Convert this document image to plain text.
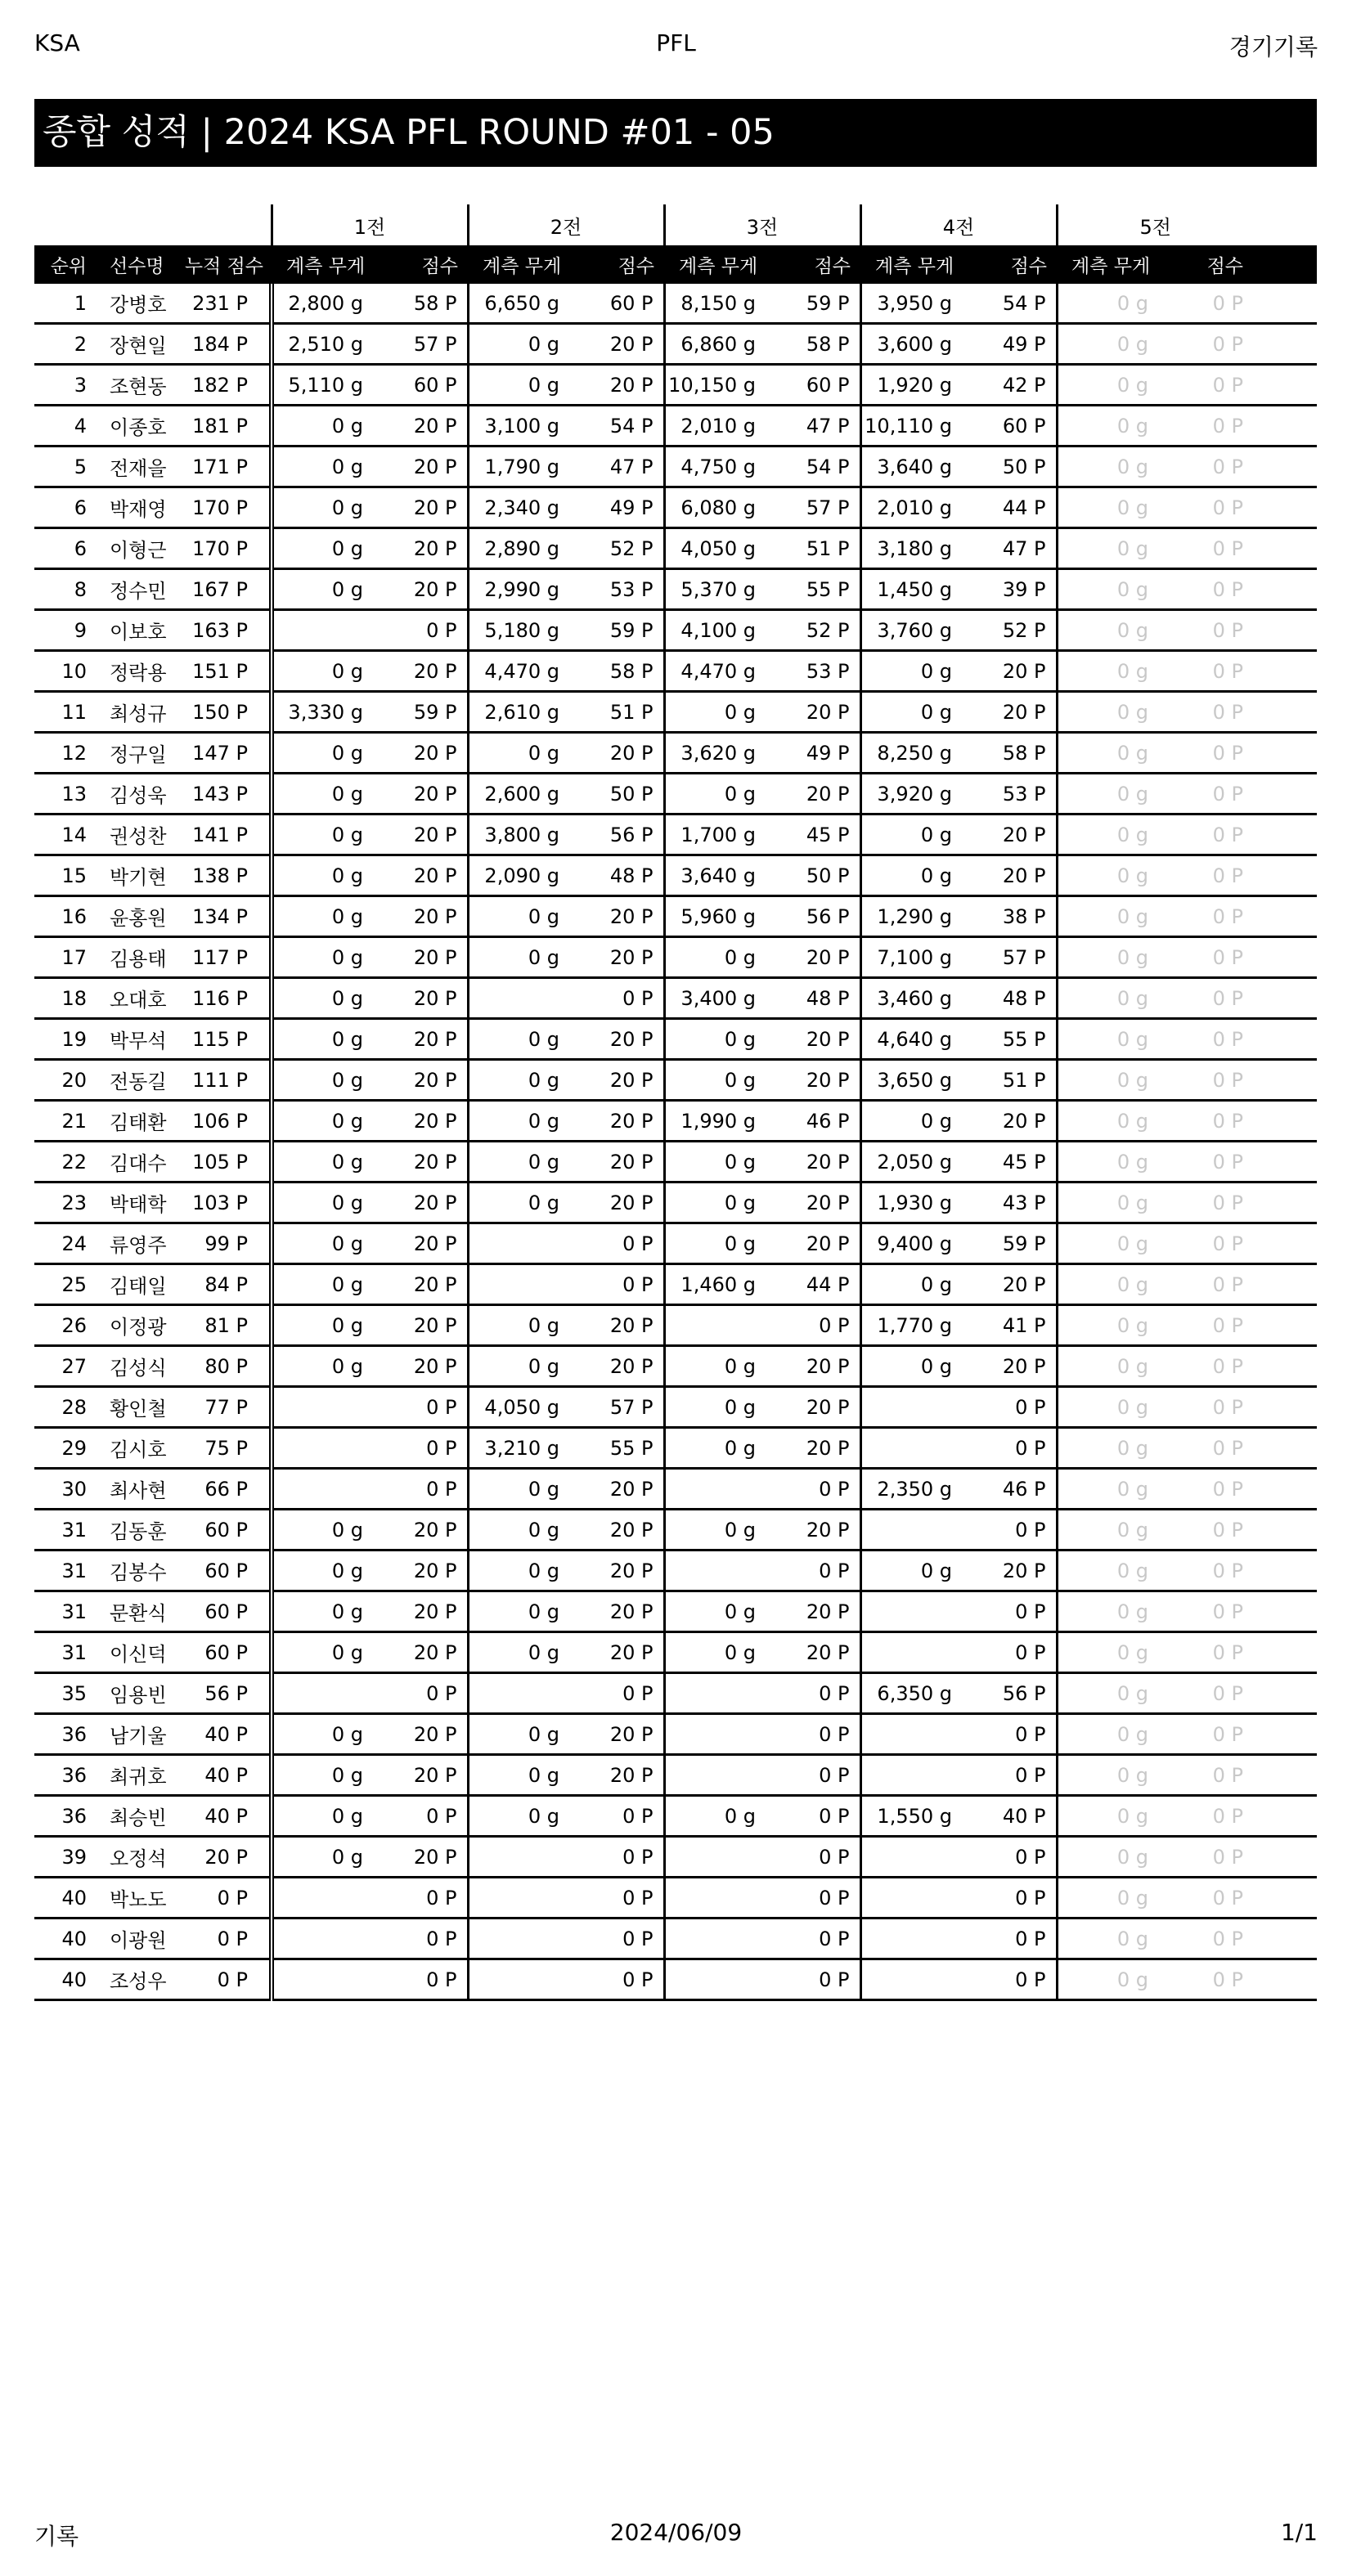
KSA	PFL	경기기록
종합 성적 | 2024 KSA PFL ROUND #01 - 05
			1전		2전		3전		4전		5전		
순위	선수명	누적 점수	계측 무게	점수	계측 무게	점수	계측 무게	점수	계측 무게	점수	계측 무게	점수	
1	강병호	231 P	2,800 g	58 P	6,650 g	60 P	8,150 g	59 P	3,950 g	54 P	0 g	0 P	
2	장현일	184 P	2,510 g	57 P	0 g	20 P	6,860 g	58 P	3,600 g	49 P	0 g	0 P	
3	조현동	182 P	5,110 g	60 P	0 g	20 P	10,150 g	60 P	1,920 g	42 P	0 g	0 P	
4	이종호	181 P	0 g	20 P	3,100 g	54 P	2,010 g	47 P	10,110 g	60 P	0 g	0 P	
5	전재을	171 P	0 g	20 P	1,790 g	47 P	4,750 g	54 P	3,640 g	50 P	0 g	0 P	
6	박재영	170 P	0 g	20 P	2,340 g	49 P	6,080 g	57 P	2,010 g	44 P	0 g	0 P	
6	이형근	170 P	0 g	20 P	2,890 g	52 P	4,050 g	51 P	3,180 g	47 P	0 g	0 P	
8	정수민	167 P	0 g	20 P	2,990 g	53 P	5,370 g	55 P	1,450 g	39 P	0 g	0 P	
9	이보호	163 P		0 P	5,180 g	59 P	4,100 g	52 P	3,760 g	52 P	0 g	0 P	
10	정락용	151 P	0 g	20 P	4,470 g	58 P	4,470 g	53 P	0 g	20 P	0 g	0 P	
11	최성규	150 P	3,330 g	59 P	2,610 g	51 P	0 g	20 P	0 g	20 P	0 g	0 P	
12	정구일	147 P	0 g	20 P	0 g	20 P	3,620 g	49 P	8,250 g	58 P	0 g	0 P	
13	김성욱	143 P	0 g	20 P	2,600 g	50 P	0 g	20 P	3,920 g	53 P	0 g	0 P	
14	권성찬	141 P	0 g	20 P	3,800 g	56 P	1,700 g	45 P	0 g	20 P	0 g	0 P	
15	박기현	138 P	0 g	20 P	2,090 g	48 P	3,640 g	50 P	0 g	20 P	0 g	0 P	
16	윤홍원	134 P	0 g	20 P	0 g	20 P	5,960 g	56 P	1,290 g	38 P	0 g	0 P	
17	김용태	117 P	0 g	20 P	0 g	20 P	0 g	20 P	7,100 g	57 P	0 g	0 P	
18	오대호	116 P	0 g	20 P		0 P	3,400 g	48 P	3,460 g	48 P	0 g	0 P	
19	박무석	115 P	0 g	20 P	0 g	20 P	0 g	20 P	4,640 g	55 P	0 g	0 P	
20	전동길	111 P	0 g	20 P	0 g	20 P	0 g	20 P	3,650 g	51 P	0 g	0 P	
21	김태환	106 P	0 g	20 P	0 g	20 P	1,990 g	46 P	0 g	20 P	0 g	0 P	
22	김대수	105 P	0 g	20 P	0 g	20 P	0 g	20 P	2,050 g	45 P	0 g	0 P	
23	박태학	103 P	0 g	20 P	0 g	20 P	0 g	20 P	1,930 g	43 P	0 g	0 P	
24	류영주	99 P	0 g	20 P		0 P	0 g	20 P	9,400 g	59 P	0 g	0 P	
25	김태일	84 P	0 g	20 P		0 P	1,460 g	44 P	0 g	20 P	0 g	0 P	
26	이정광	81 P	0 g	20 P	0 g	20 P		0 P	1,770 g	41 P	0 g	0 P	
27	김성식	80 P	0 g	20 P	0 g	20 P	0 g	20 P	0 g	20 P	0 g	0 P	
28	황인철	77 P		0 P	4,050 g	57 P	0 g	20 P		0 P	0 g	0 P	
29	김시호	75 P		0 P	3,210 g	55 P	0 g	20 P		0 P	0 g	0 P	
30	최사현	66 P		0 P	0 g	20 P		0 P	2,350 g	46 P	0 g	0 P	
31	김동훈	60 P	0 g	20 P	0 g	20 P	0 g	20 P		0 P	0 g	0 P	
31	김봉수	60 P	0 g	20 P	0 g	20 P		0 P	0 g	20 P	0 g	0 P	
31	문환식	60 P	0 g	20 P	0 g	20 P	0 g	20 P		0 P	0 g	0 P	
31	이신덕	60 P	0 g	20 P	0 g	20 P	0 g	20 P		0 P	0 g	0 P	
35	임용빈	56 P		0 P		0 P		0 P	6,350 g	56 P	0 g	0 P	
36	남기울	40 P	0 g	20 P	0 g	20 P		0 P		0 P	0 g	0 P	
36	최귀호	40 P	0 g	20 P	0 g	20 P		0 P		0 P	0 g	0 P	
36	최승빈	40 P	0 g	0 P	0 g	0 P	0 g	0 P	1,550 g	40 P	0 g	0 P	
39	오정석	20 P	0 g	20 P		0 P		0 P		0 P	0 g	0 P	
40	박노도	0 P		0 P		0 P		0 P		0 P	0 g	0 P	
40	이광원	0 P		0 P		0 P		0 P		0 P	0 g	0 P	
40	조성우	0 P		0 P		0 P		0 P		0 P	0 g	0 P	
기록	2024/06/09	1/1
